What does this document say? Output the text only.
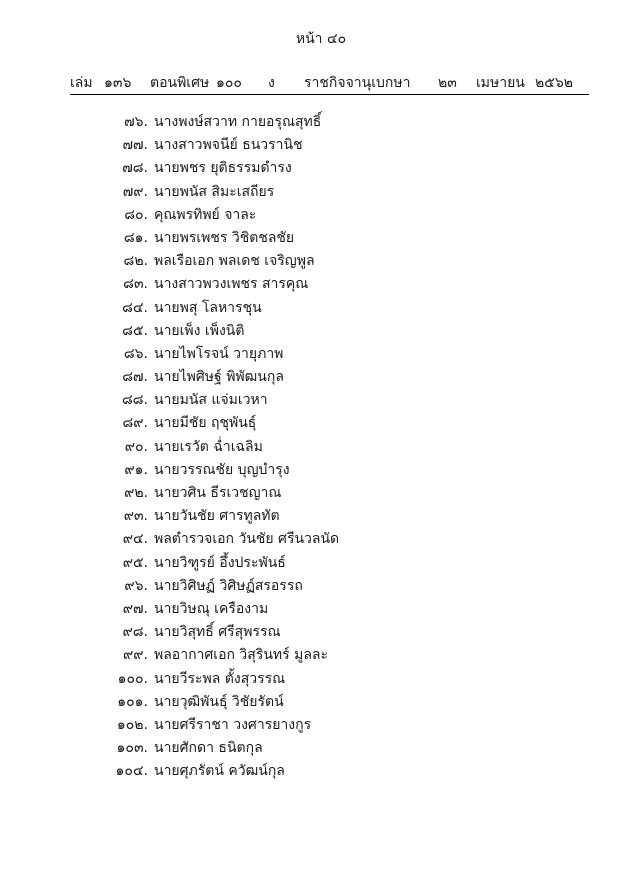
หน้า ๔๐
เล่ม ๑๓๖ ตอนพิเศษ ๑๐๐ ง ราชกิจจานุเบกษา ๒๓ เมษายน ๒๕๖๒
๗๖. นางพงษ์สวาท กายอรุณสุทธิ์
๗๗. นางสาวพจนีย์ ธนวรานิช
๗๘. นายพชร ยุติธรรมดำรง
๗๙. นายพนัส สิมะเสถียร
๘๐. คุณพรทิพย์ จาละ
๘๑. นายพรเพชร วิชิตชลชัย
๘๒. พลเรือเอก พลเดช เจริญพูล
๘๓. นางสาวพวงเพชร สารคุณ
๘๔. นายพสุ โลหารชุน
๘๕. นายเพ็ง เพ็งนิติ
๘๖. นายไพโรจน์ วายุภาพ
๘๗. นายไพศิษฐ์ พิพัฒนกุล
๘๘. นายมนัส แจ่มเวหา
๘๙. นายมีชัย ฤชุพันธุ์
๙๐. นายเรวัต ฉ่ำเฉลิม
๙๑. นายวรรณชัย บุญบำรุง
๙๒. นายวศิน ธีรเวชญาณ
๙๓. นายวันชัย ศารทูลทัต
๙๔. พลตำรวจเอก วันชัย ศรีนวลนัด
๙๕. นายวิฑูรย์ อึ้งประพันธ์
๙๖. นายวิศิษฏ์ วิศิษฏ์สรอรรถ
๙๗. นายวิษณุ เครืองาม
๙๘. นายวิสุทธิ์ ศรีสุพรรณ
๙๙. พลอากาศเอก วิสุรินทร์ มูลละ
๑๐๐. นายวีระพล ตั้งสุวรรณ
๑๐๑. นายวุฒิพันธุ์ วิชัยรัตน์
๑๐๒. นายศรีราชา วงศารยางกูร
๑๐๓. นายศักดา ธนิตกุล
๑๐๔. นายศุภรัตน์ ควัฒน์กุล
